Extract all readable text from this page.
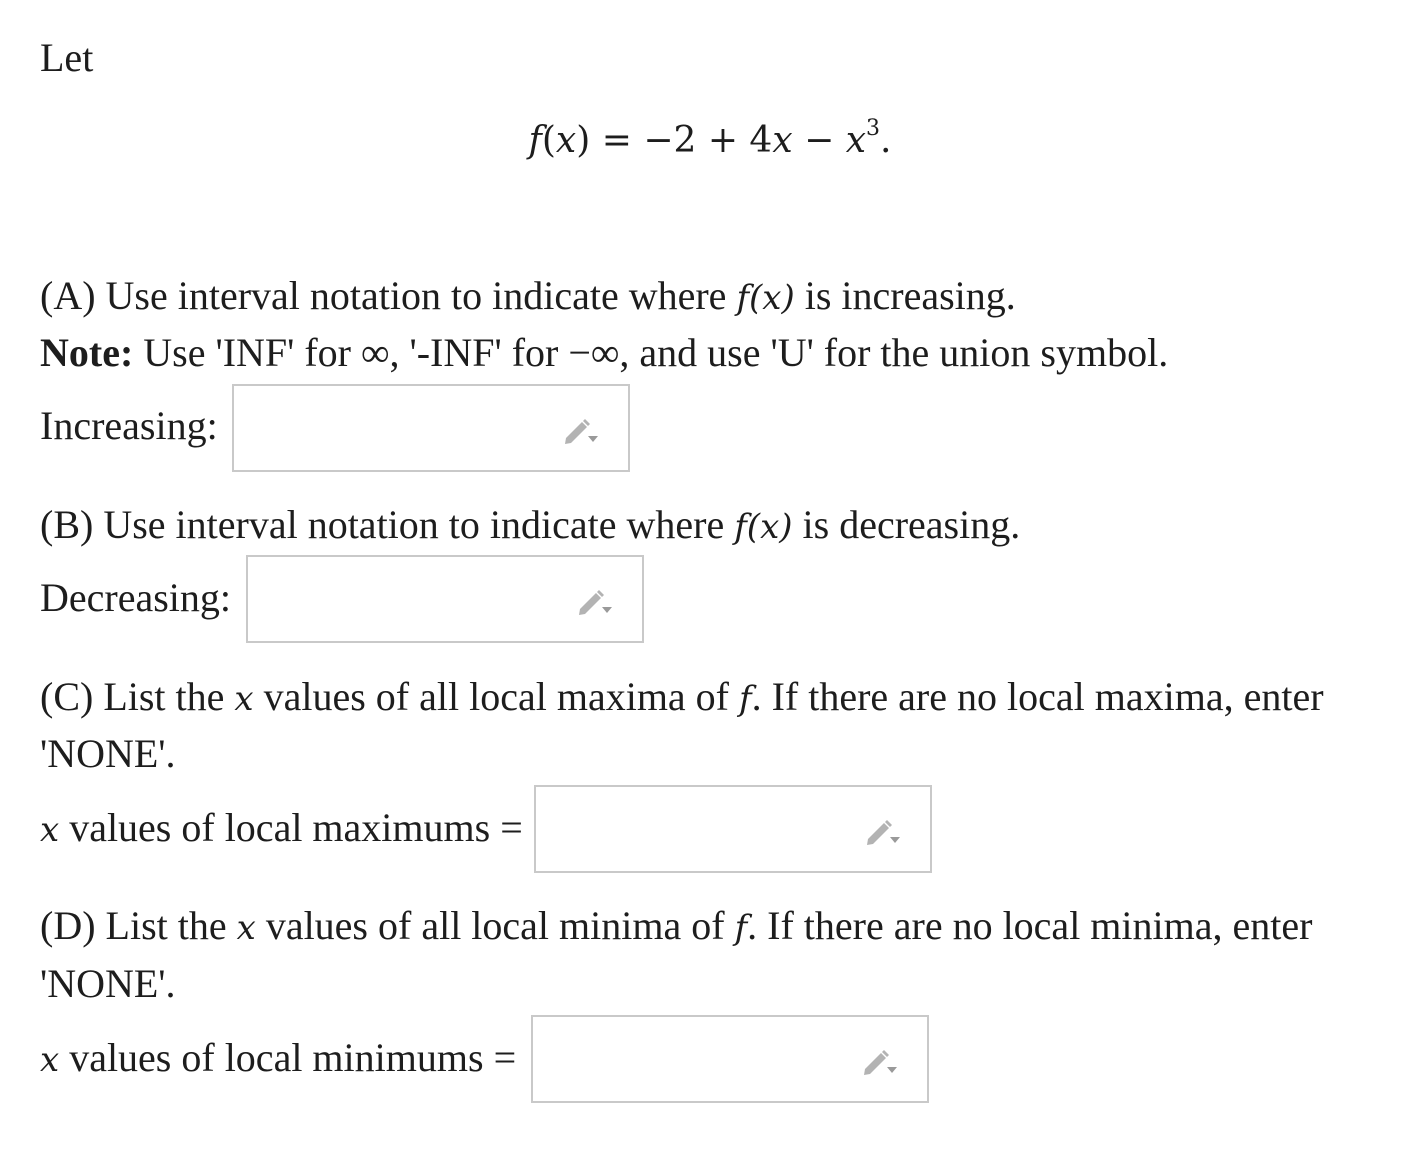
Let
$f(x) = -2 + 4x - x^3$.
(A) Use interval notation to indicate where f(x) is increasing.
Note: Use 'INF' for ∞, '-INF' for −∞, and use 'U' for the union symbol.
Increasing:
(B) Use interval notation to indicate where f(x) is decreasing.
Decreasing:
(C) List the x values of all local maxima of f. If there are no local maxima, enter
'NONE'.
x values of local maximums =
(D) List the x values of all local minima of f. If there are no local minima, enter
'NONE'.
x values of local minimums =
